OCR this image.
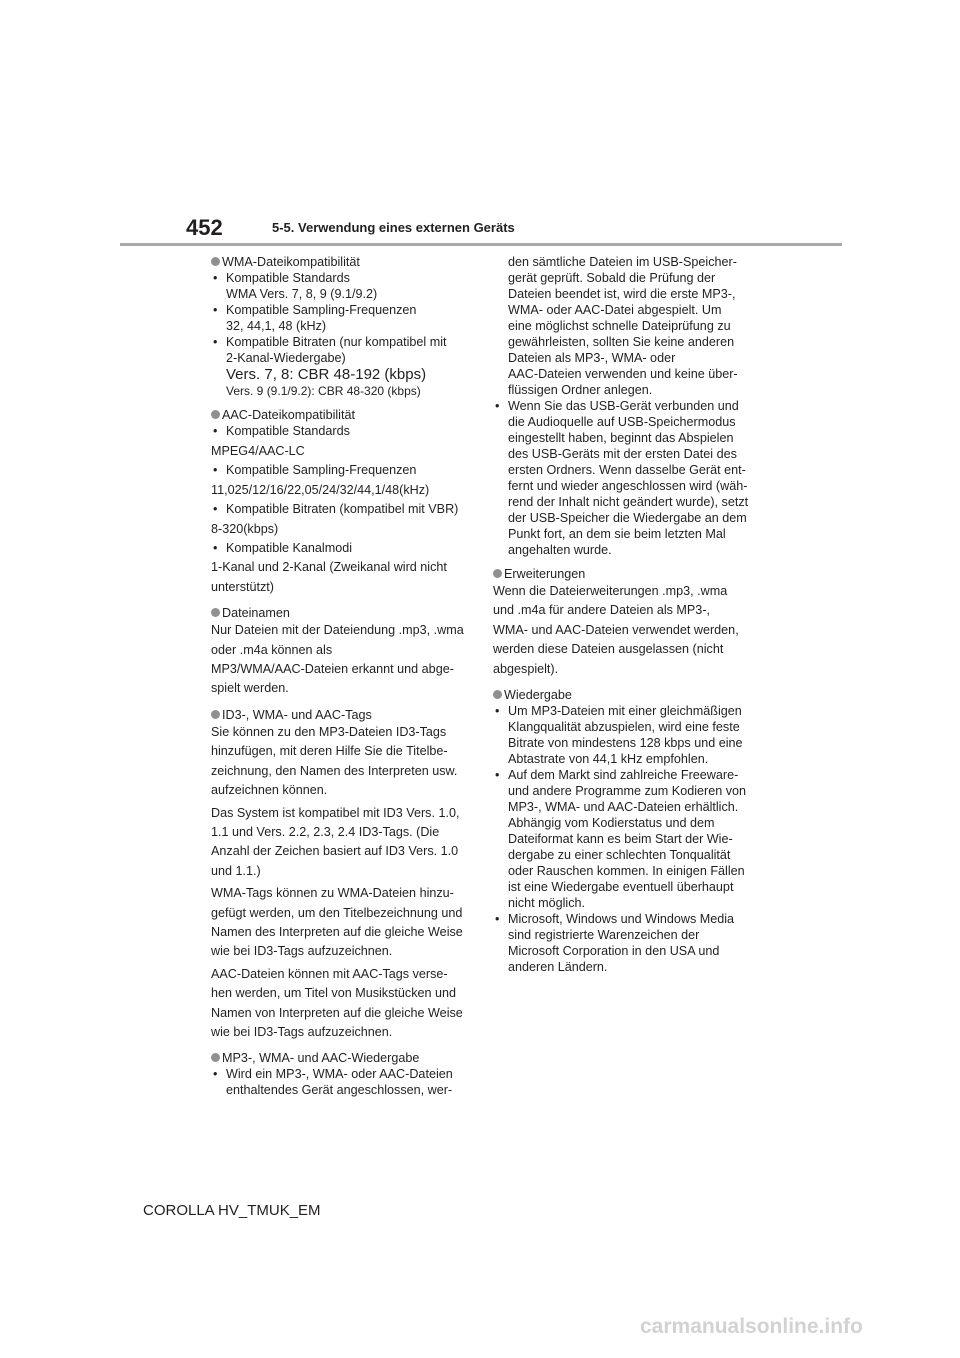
452	5-5. Verwendung eines externen Geräts
WMA-Dateikompatibilität
• Kompatible Standards
WMA Vers. 7, 8, 9 (9.1/9.2)
• Kompatible Sampling-Frequenzen
32, 44,1, 48 (kHz)
• Kompatible Bitraten (nur kompatibel mit
2-Kanal-Wiedergabe)
Vers. 7, 8: CBR 48-192 (kbps)
Vers. 9 (9.1/9.2): CBR 48-320 (kbps)
AAC-Dateikompatibilität
• Kompatible Standards
MPEG4/AAC-LC
• Kompatible Sampling-Frequenzen
11,025/12/16/22,05/24/32/44,1/48(kHz)
• Kompatible Bitraten (kompatibel mit VBR)
8-320(kbps)
• Kompatible Kanalmodi
1-Kanal und 2-Kanal (Zweikanal wird nicht
unterstützt)
Dateinamen
Nur Dateien mit der Dateiendung .mp3, .wma
oder .m4a können als
MP3/WMA/AAC-Dateien erkannt und abge-
spielt werden.
ID3-, WMA- und AAC-Tags
Sie können zu den MP3-Dateien ID3-Tags
hinzufügen, mit deren Hilfe Sie die Titelbe-
zeichnung, den Namen des Interpreten usw.
aufzeichnen können.
Das System ist kompatibel mit ID3 Vers. 1.0,
1.1 und Vers. 2.2, 2.3, 2.4 ID3-Tags. (Die
Anzahl der Zeichen basiert auf ID3 Vers. 1.0
und 1.1.)
WMA-Tags können zu WMA-Dateien hinzu-
gefügt werden, um den Titelbezeichnung und
Namen des Interpreten auf die gleiche Weise
wie bei ID3-Tags aufzuzeichnen.
AAC-Dateien können mit AAC-Tags verse-
hen werden, um Titel von Musikstücken und
Namen von Interpreten auf die gleiche Weise
wie bei ID3-Tags aufzuzeichnen.
MP3-, WMA- und AAC-Wiedergabe
• Wird ein MP3-, WMA- oder AAC-Dateien
enthaltendes Gerät angeschlossen, wer-
den sämtliche Dateien im USB-Speicher-
gerät geprüft. Sobald die Prüfung der
Dateien beendet ist, wird die erste MP3-,
WMA- oder AAC-Datei abgespielt. Um
eine möglichst schnelle Dateiprüfung zu
gewährleisten, sollten Sie keine anderen
Dateien als MP3-, WMA- oder
AAC-Dateien verwenden und keine über-
flüssigen Ordner anlegen.
• Wenn Sie das USB-Gerät verbunden und
die Audioquelle auf USB-Speichermodus
eingestellt haben, beginnt das Abspielen
des USB-Geräts mit der ersten Datei des
ersten Ordners. Wenn dasselbe Gerät ent-
fernt und wieder angeschlossen wird (wäh-
rend der Inhalt nicht geändert wurde), setzt
der USB-Speicher die Wiedergabe an dem
Punkt fort, an dem sie beim letzten Mal
angehalten wurde.
Erweiterungen
Wenn die Dateierweiterungen .mp3, .wma
und .m4a für andere Dateien als MP3-,
WMA- und AAC-Dateien verwendet werden,
werden diese Dateien ausgelassen (nicht
abgespielt).
Wiedergabe
• Um MP3-Dateien mit einer gleichmäßigen
Klangqualität abzuspielen, wird eine feste
Bitrate von mindestens 128 kbps und eine
Abtastrate von 44,1 kHz empfohlen.
• Auf dem Markt sind zahlreiche Freeware-
und andere Programme zum Kodieren von
MP3-, WMA- und AAC-Dateien erhältlich.
Abhängig vom Kodierstatus und dem
Dateiformat kann es beim Start der Wie-
dergabe zu einer schlechten Tonqualität
oder Rauschen kommen. In einigen Fällen
ist eine Wiedergabe eventuell überhaupt
nicht möglich.
• Microsoft, Windows und Windows Media
sind registrierte Warenzeichen der
Microsoft Corporation in den USA und
anderen Ländern.
COROLLA HV_TMUK_EM
carmanualsonline.info
